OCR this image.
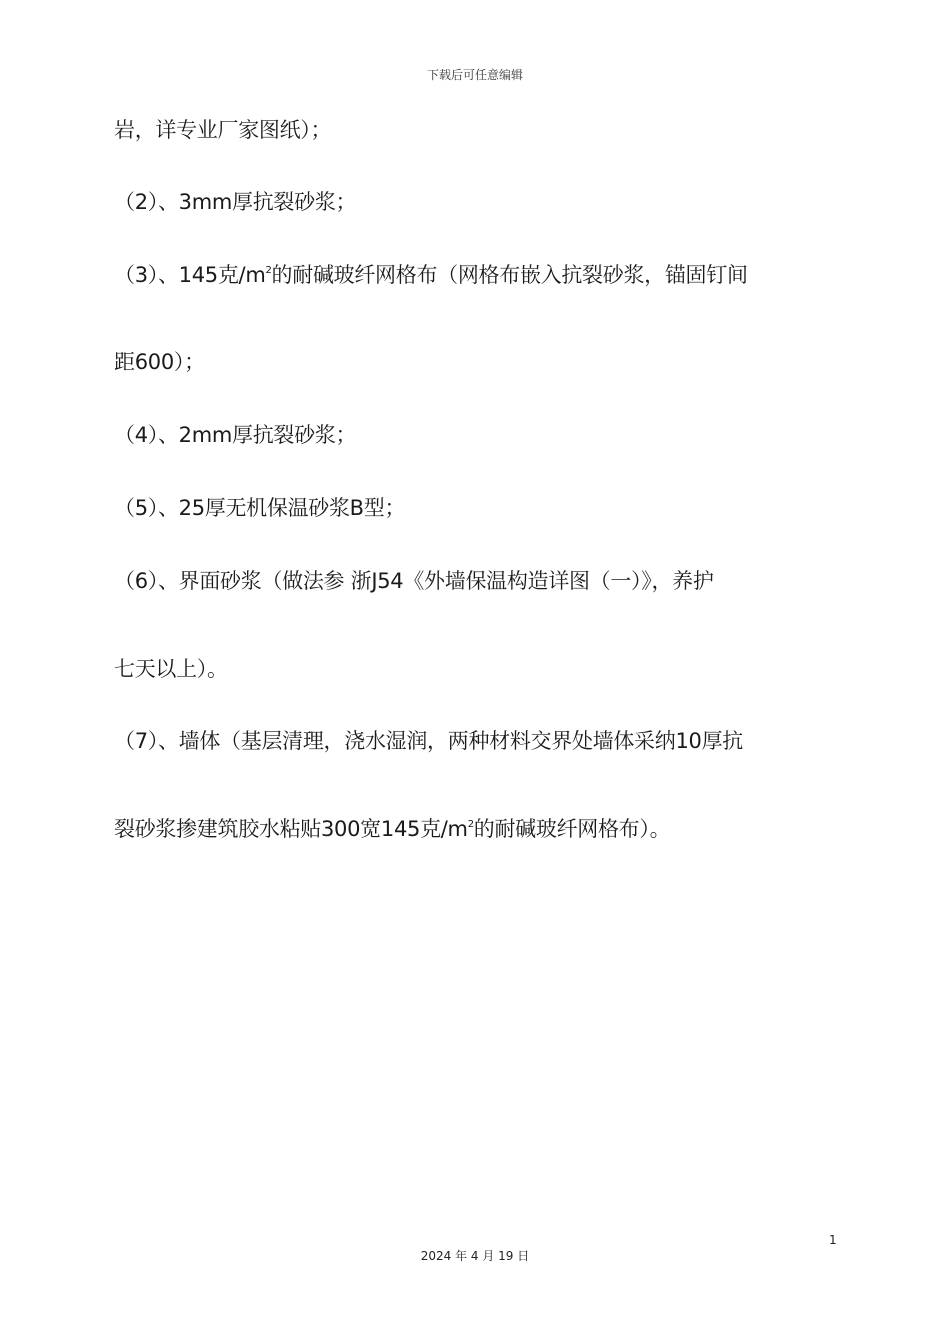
下载后可任意编辑
岩，详专业厂家图纸）；
（2）、3mm厚抗裂砂浆；
（3）、145克$/m^2$的耐碱玻纤网格布（网格布嵌入抗裂砂浆，锚固钉间
距600）；
（4）、2mm厚抗裂砂浆；
（5）、25厚无机保温砂浆B型；
（6）、界面砂浆（做法参 浙J54《外墙保温构造详图（一）》，养护
七天以上）。
（7）、墙体（基层清理，浇水湿润，两种材料交界处墙体采纳10厚抗
裂砂浆掺建筑胶水粘贴300宽145克$/m^2$的耐碱玻纤网格布）。
1
2024 年 4 月 19 日
